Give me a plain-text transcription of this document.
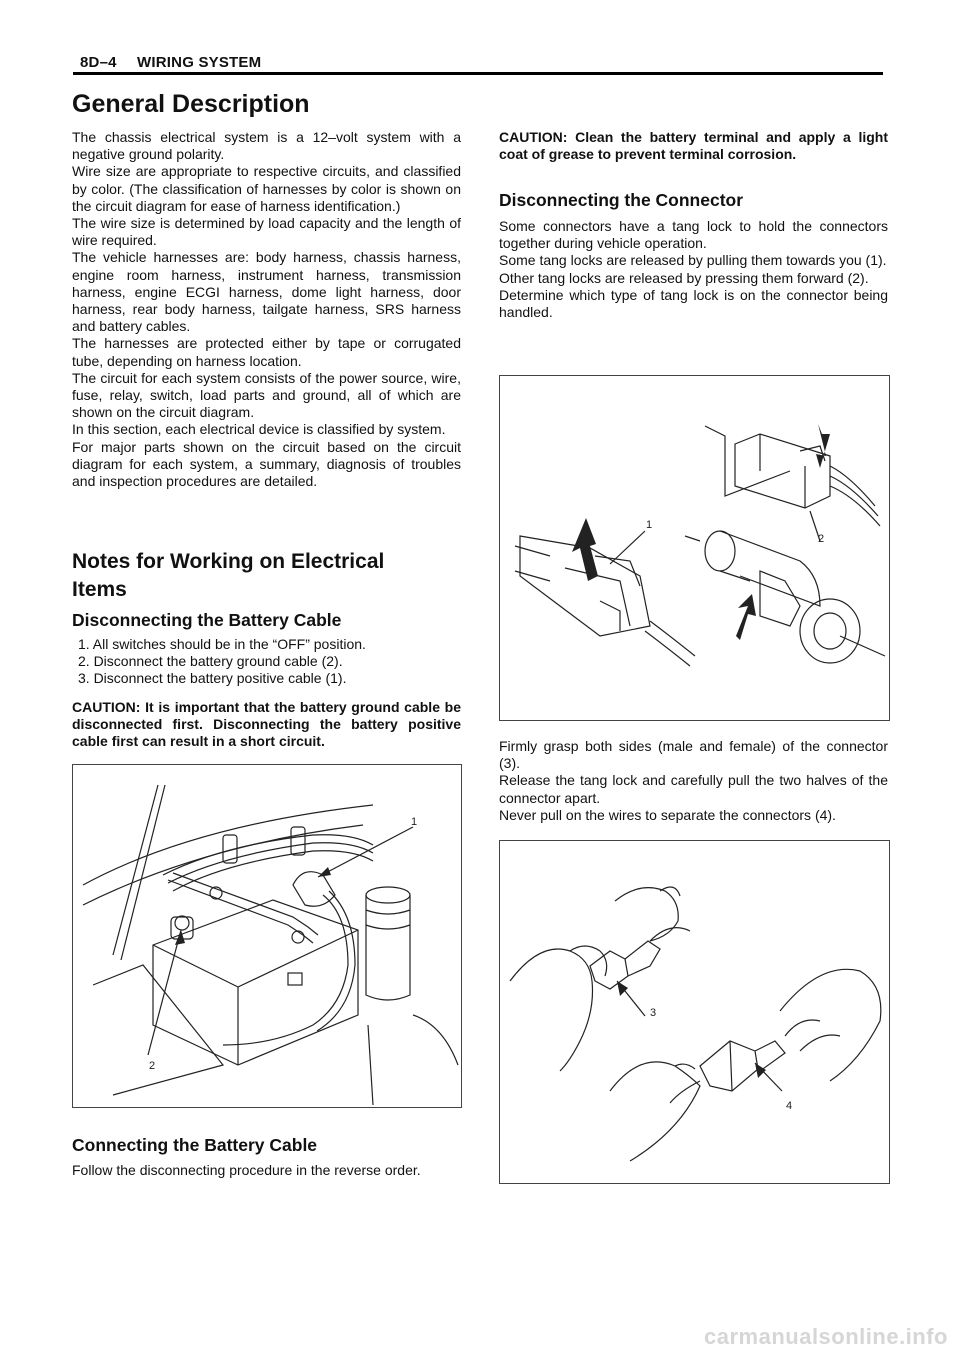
8D–4 WIRING SYSTEM
General Description

The chassis electrical system is a 12–volt system with a negative ground polarity.

Wire size are appropriate to respective circuits, and classified by color. (The classification of harnesses by color is shown on the circuit diagram for ease of harness identification.)

The wire size is determined by load capacity and the length of wire required.

The vehicle harnesses are: body harness, chassis harness, engine room harness, instrument harness, transmission harness, engine ECGI harness, dome light harness, door harness, rear body harness, tailgate harness, SRS harness and battery cables.

The harnesses are protected either by tape or corrugated tube, depending on harness location.

The circuit for each system consists of the power source, wire, fuse, relay, switch, load parts and ground, all of which are shown on the circuit diagram.

In this section, each electrical device is classified by system.

For major parts shown on the circuit based on the circuit diagram for each system, a summary, diagnosis of troubles and inspection procedures are detailed.

Notes for Working on Electrical

Items

Disconnecting the Battery Cable

1. All switches should be in the “OFF” position.
2. Disconnect the battery ground cable (2).
3. Disconnect the battery positive cable (1).
CAUTION: It is important that the battery ground cable be disconnected first. Disconnecting the battery positive cable first can result in a short circuit.
1
2

Connecting the Battery Cable

Follow the disconnecting procedure in the reverse order.
CAUTION: Clean the battery terminal and apply a light coat of grease to prevent terminal corrosion.

Disconnecting the Connector

Some connectors have a tang lock to hold the connectors together during vehicle operation.

Some tang locks are released by pulling them towards you (1).

Other tang locks are released by pressing them forward (2).

Determine which type of tang lock is on the connector being handled.

1
2

Firmly grasp both sides (male and female) of the connector (3).

Release the tang lock and carefully pull the two halves of the connector apart.

Never pull on the wires to separate the connectors (4).

3
4
carmanualsonline.info
